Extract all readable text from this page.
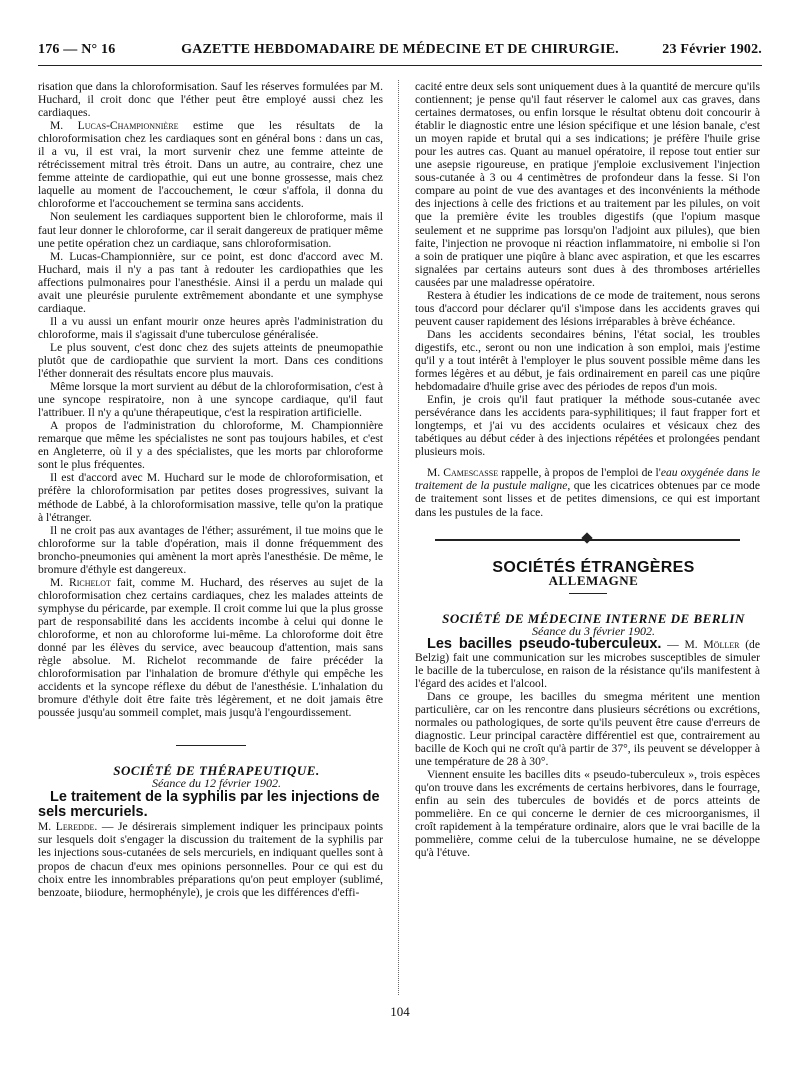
176 — N° 16	GAZETTE HEBDOMADAIRE DE MÉDECINE ET DE CHIRURGIE.	23 Février 1902.

risation que dans la chloroformisation. Sauf les réserves formulées par M. Huchard, il croit donc que l'éther peut être employé aussi chez les cardiaques.

M. Lucas-Championnière estime que les résultats de la chloroformisation chez les cardiaques sont en général bons : dans un cas, il a vu, il est vrai, la mort survenir chez une femme atteinte de rétrécissement mitral très étroit. Dans un autre, au contraire, chez une femme atteinte de cardiopathie, qui eut une bonne grossesse, mais chez laquelle au moment de l'accouchement, le cœur s'affola, il donna du chloroforme et l'accouchement se termina sans accidents.

Non seulement les cardiaques supportent bien le chloroforme, mais il faut leur donner le chloroforme, car il serait dangereux de pratiquer même une petite opération chez un cardiaque, sans chloroformisation.

M. Lucas-Championnière, sur ce point, est donc d'accord avec M. Huchard, mais il n'y a pas tant à redouter les cardiopathies que les affections pulmonaires pour l'anesthésie. Ainsi il a perdu un malade qui avait une pleurésie purulente extrêmement abondante et une symphyse cardiaque.

Il a vu aussi un enfant mourir onze heures après l'administration du chloroforme, mais il s'agissait d'une tuberculose généralisée.

Le plus souvent, c'est donc chez des sujets atteints de pneumopathie plutôt que de cardiopathie que survient la mort. Dans ces conditions l'éther donnerait des résultats encore plus mauvais.

Même lorsque la mort survient au début de la chloroformisation, c'est à une syncope respiratoire, non à une syncope cardiaque, qu'il faut l'attribuer. Il n'y a qu'une thérapeutique, c'est la respiration artificielle.

A propos de l'administration du chloroforme, M. Championnière remarque que même les spécialistes ne sont pas toujours habiles, et c'est en Angleterre, où il y a des spécialistes, que les morts par chloroforme sont le plus fréquentes.

Il est d'accord avec M. Huchard sur le mode de chloroformisation, et préfère la chloroformisation par petites doses progressives, suivant la méthode de Labbé, à la chloroformisation massive, telle qu'on la pratique à l'étranger.

Il ne croit pas aux avantages de l'éther; assurément, il tue moins que le chloroforme sur la table d'opération, mais il donne fréquemment des broncho-pneumonies qui amènent la mort après l'anesthésie. De même, le bromure d'éthyle est dangereux.

M. Richelot fait, comme M. Huchard, des réserves au sujet de la chloroformisation chez certains cardiaques, chez les malades atteints de symphyse du péricarde, par exemple. Il croit comme lui que la plus grosse part de responsabilité dans les accidents incombe à celui qui donne le chloroforme, et non au chloroforme lui-même. La chloroforme doit être donné par les élèves du service, avec beaucoup d'attention, mais sans règle absolue. M. Richelot recommande de faire précéder la chloroformisation par l'inhalation de bromure d'éthyle qui empêche les accidents et la syncope réflexe du début de l'anesthésie. L'inhalation du bromure d'éthyle doit être faite très légèrement, et ne doit jamais être poussée jusqu'au sommeil complet, mais jusqu'à l'engourdissement.

SOCIÉTÉ DE THÉRAPEUTIQUE.

Séance du 12 février 1902.

Le traitement de la syphilis par les injections de sels mercuriels.

M. Leredde. — Je désirerais simplement indiquer les principaux points sur lesquels doit s'engager la discussion du traitement de la syphilis par les injections sous-cutanées de sels mercuriels, en indiquant quelles sont à propos de chacun d'eux mes opinions personnelles. Pour ce qui est du choix entre les innombrables préparations qu'on peut employer (sublimé, benzoate, biiodure, hermophényle), je crois que les différences d'effi-

cacité entre deux sels sont uniquement dues à la quantité de mercure qu'ils contiennent; je pense qu'il faut réserver le calomel aux cas graves, dans certaines dermatoses, ou enfin lorsque le résultat obtenu doit concourir à établir le diagnostic entre une lésion spécifique et une lésion banale, c'est un moyen rapide et brutal qui a ses indications; je préfère l'huile grise pour les autres cas. Quant au manuel opératoire, il repose tout entier sur une asepsie rigoureuse, en pratique j'emploie exclusivement l'injection sous-cutanée à 3 ou 4 centimètres de profondeur dans la fesse. Si l'on compare au point de vue des avantages et des inconvénients la méthode des injections à celle des frictions et au traitement par les pilules, on voit que la première évite les troubles digestifs (que l'opium masque seulement et ne supprime pas lorsqu'on l'adjoint aux pilules), que bien faite, l'injection ne provoque ni réaction inflammatoire, ni embolie si l'on a soin de pratiquer une piqûre à blanc avec aspiration, et que les escarres signalées par certains auteurs sont dues à des thromboses artérielles causées par une maladresse opératoire.

Restera à étudier les indications de ce mode de traitement, nous serons tous d'accord pour déclarer qu'il s'impose dans les accidents graves qui peuvent causer rapidement des lésions irréparables à brève échéance.

Dans les accidents secondaires bénins, l'état social, les troubles digestifs, etc., seront ou non une indication à son emploi, mais j'estime qu'il y a tout intérêt à l'employer le plus souvent possible même dans les formes légères et au début, je fais ordinairement en pareil cas une piqûre hebdomadaire d'huile grise avec des périodes de repos d'un mois.

Enfin, je crois qu'il faut pratiquer la méthode sous-cutanée avec persévérance dans les accidents para-syphilitiques; il faut frapper fort et longtemps, et j'ai vu des accidents oculaires et vésicaux chez des tabétiques au début céder à des injections répétées et prolongées pendant plusieurs mois.

M. Camescasse rappelle, à propos de l'emploi de l'eau oxygénée dans le traitement de la pustule maligne, que les cicatrices obtenues par ce mode de traitement sont lisses et de petites dimensions, ce qui est important dans les pustules de la face.

SOCIÉTÉS ÉTRANGÈRES

ALLEMAGNE

SOCIÉTÉ DE MÉDECINE INTERNE DE BERLIN

Séance du 3 février 1902.

Les bacilles pseudo-tuberculeux. — M. Möller (de Belzig) fait une communication sur les microbes susceptibles de simuler le bacille de la tuberculose, en raison de la résistance qu'ils manifestent à l'égard des acides et l'alcool.

Dans ce groupe, les bacilles du smegma méritent une mention particulière, car on les rencontre dans plusieurs sécrétions ou excrétions, normales ou pathologiques, de sorte qu'ils peuvent être cause d'erreurs de diagnostic. Leur principal caractère différentiel est que, contrairement au bacille de Koch qui ne croît qu'à partir de 37°, ils peuvent se développer à une température de 28 à 30°.

Viennent ensuite les bacilles dits « pseudo-tuberculeux », trois espèces qu'on trouve dans les excréments de certains herbivores, dans le fourrage, enfin au sein des tubercules de bovidés et de porcs atteints de pommelière. En ce qui concerne le dernier de ces microorganismes, il croît rapidement à la température ordinaire, alors que le vrai bacille de la pommelière, comme celui de la tuberculose humaine, ne se développe qu'à l'étuve.

104
